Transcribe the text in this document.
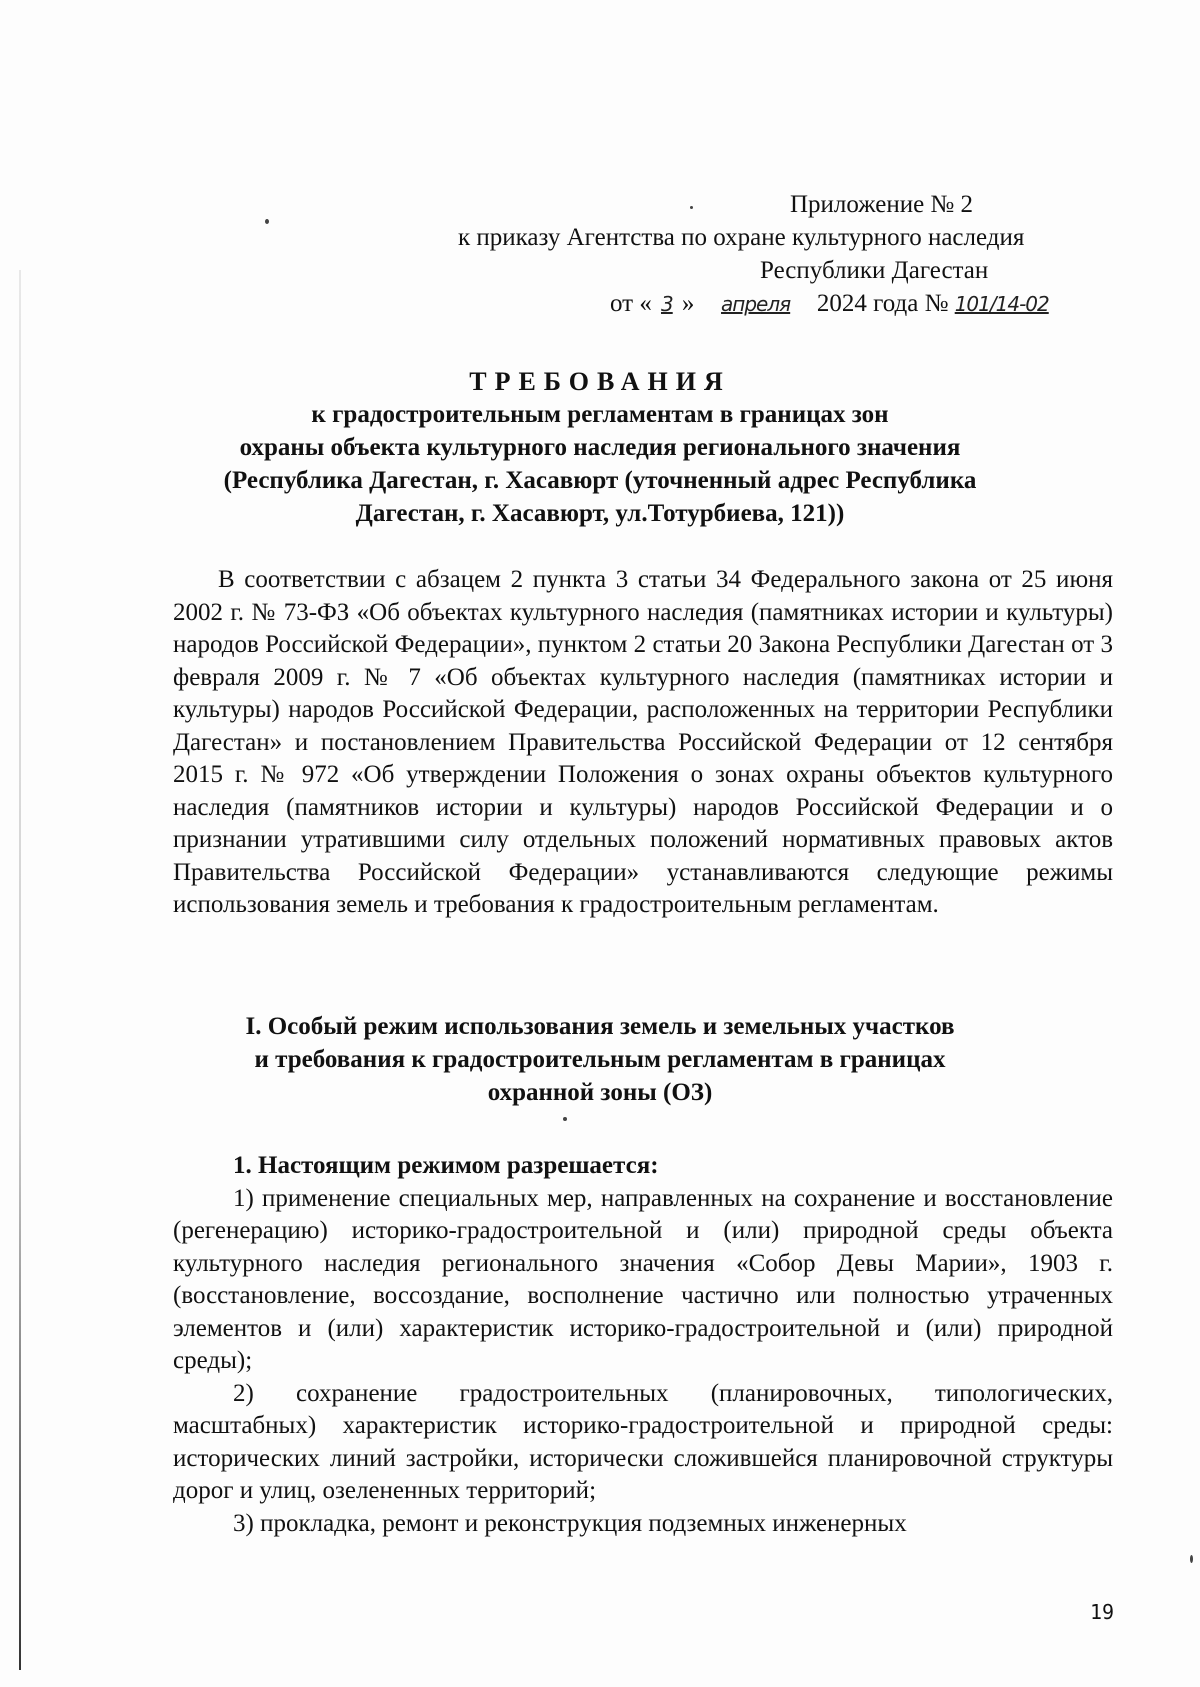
Приложение № 2
к приказу Агентства по охране культурного наследия
Республики Дагестан
от « 3 » апреля 2024 года № 101/14-02
ТРЕБОВАНИЯ
к градостроительным регламентам в границах зон
охраны объекта культурного наследия регионального значения
(Республика Дагестан, г. Хасавюрт (уточненный адрес Республика
Дагестан, г. Хасавюрт, ул.Тотурбиева, 121))

В соответствии с абзацем 2 пункта 3 статьи 34 Федерального закона от 25 июня 2002 г. № 73-ФЗ «Об объектах культурного наследия (памятниках истории и культуры) народов Российской Федерации», пунктом 2 статьи 20 Закона Республики Дагестан от 3 февраля 2009 г. № 7 «Об объектах культурного наследия (памятниках истории и культуры) народов Российской Федерации, расположенных на территории Республики Дагестан» и постановлением Правительства Российской Федерации от 12 сентября 2015 г. № 972 «Об утверждении Положения о зонах охраны объектов культурного наследия (памятников истории и культуры) народов Российской Федерации и о признании утратившими силу отдельных положений нормативных правовых актов Правительства Российской Федерации» устанавливаются следующие режимы использования земель и требования к градостроительным регламентам.

I. Особый режим использования земель и земельных участков
и требования к градостроительным регламентам в границах
охранной зоны (ОЗ)

1. Настоящим режимом разрешается:

1) применение специальных мер, направленных на сохранение и восстановление (регенерацию) историко-градостроительной и (или) природной среды объекта культурного наследия регионального значения «Собор Девы Марии», 1903 г. (восстановление, воссоздание, восполнение частично или полностью утраченных элементов и (или) характеристик историко-градостроительной и (или) природной среды);

2) сохранение градостроительных (планировочных, типологических, масштабных) характеристик историко-градостроительной и природной среды: исторических линий застройки, исторически сложившейся планировочной структуры дорог и улиц, озелененных территорий;

3) прокладка, ремонт и реконструкция подземных инженерных

19
